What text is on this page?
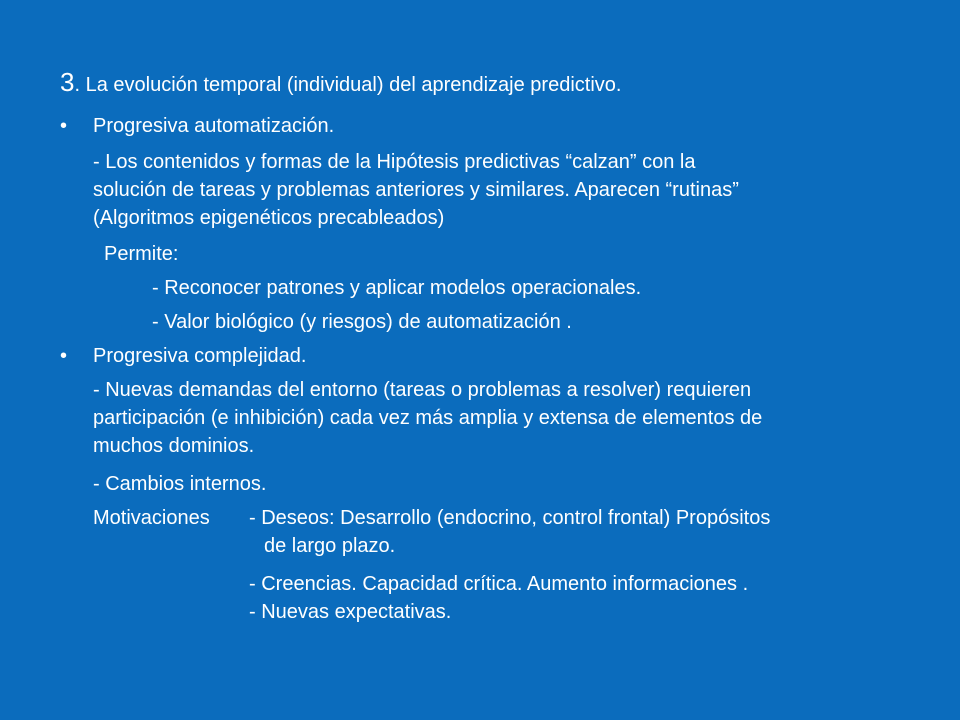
3. La evolución temporal (individual) del aprendizaje predictivo.
• Progresiva automatización.
- Los contenidos y formas de la Hipótesis predictivas “calzan” con la
solución de tareas y problemas anteriores y similares. Aparecen “rutinas”
(Algoritmos epigenéticos precableados)
Permite:
- Reconocer patrones y aplicar modelos operacionales.
- Valor biológico (y riesgos) de automatización .
• Progresiva complejidad.
- Nuevas demandas del entorno (tareas o problemas a resolver) requieren
participación (e inhibición) cada vez más amplia y extensa de elementos de
muchos dominios.
- Cambios internos.
Motivaciones - Deseos: Desarrollo (endocrino, control frontal) Propósitos
de largo plazo.
- Creencias. Capacidad crítica. Aumento informaciones .
- Nuevas expectativas.
